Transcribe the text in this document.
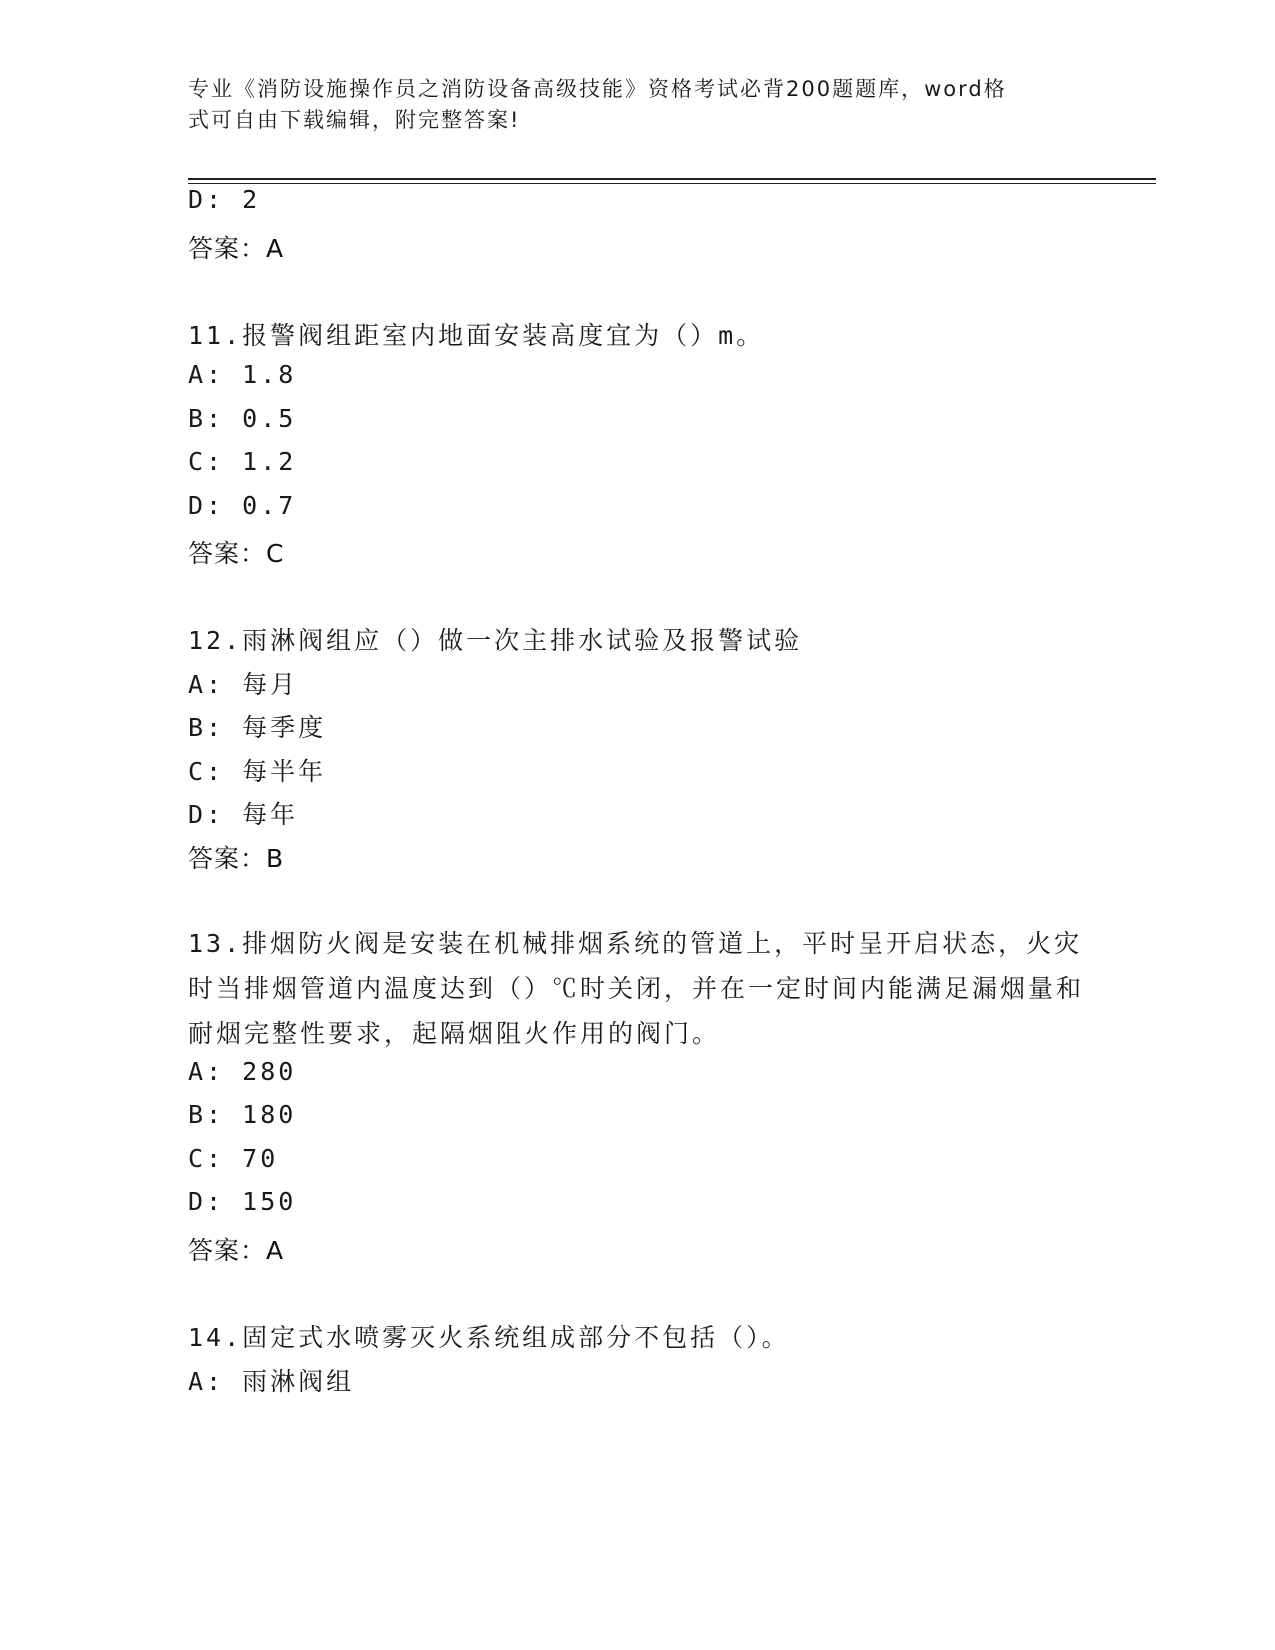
专业《消防设施操作员之消防设备高级技能》资格考试必背200题题库，word格
式可自由下载编辑，附完整答案!
D: 2
答案：A
11.报警阀组距室内地面安装高度宜为（）m。
A: 1.8
B: 0.5
C: 1.2
D: 0.7
答案：C
12.雨淋阀组应（）做一次主排水试验及报警试验
A: 每月
B: 每季度
C: 每半年
D: 每年
答案：B
13.排烟防火阀是安装在机械排烟系统的管道上，平时呈开启状态，火灾时当排烟管道内温度达到（）℃时关闭，并在一定时间内能满足漏烟量和耐烟完整性要求，起隔烟阻火作用的阀门。
A: 280
B: 180
C: 70
D: 150
答案：A
14.固定式水喷雾灭火系统组成部分不包括（）。
A: 雨淋阀组
